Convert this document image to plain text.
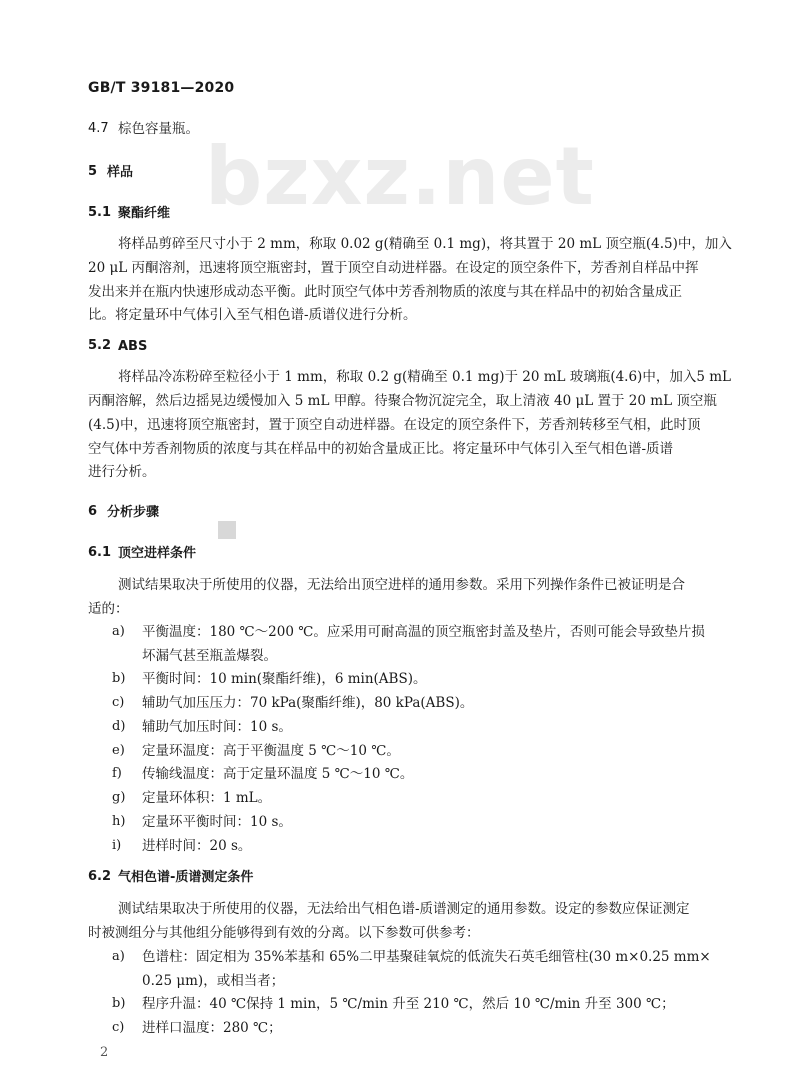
bzxz.net
GB/T 39181—2020
4.7 棕色容量瓶。
5 样品
5.1 聚酯纤维
将样品剪碎至尺寸小于 2 mm，称取 0.02 g(精确至 0.1 mg)，将其置于 20 mL 顶空瓶(4.5)中，加入
20 μL 丙酮溶剂，迅速将顶空瓶密封，置于顶空自动进样器。在设定的顶空条件下，芳香剂自样品中挥
发出来并在瓶内快速形成动态平衡。此时顶空气体中芳香剂物质的浓度与其在样品中的初始含量成正
比。将定量环中气体引入至气相色谱-质谱仪进行分析。
5.2 ABS
将样品冷冻粉碎至粒径小于 1 mm，称取 0.2 g(精确至 0.1 mg)于 20 mL 玻璃瓶(4.6)中，加入5 mL
丙酮溶解，然后边摇晃边缓慢加入 5 mL 甲醇。待聚合物沉淀完全，取上清液 40 μL 置于 20 mL 顶空瓶
(4.5)中，迅速将顶空瓶密封，置于顶空自动进样器。在设定的顶空条件下，芳香剂转移至气相，此时顶
空气体中芳香剂物质的浓度与其在样品中的初始含量成正比。将定量环中气体引入至气相色谱-质谱
进行分析。
6 分析步骤
6.1 顶空进样条件
测试结果取决于所使用的仪器，无法给出顶空进样的通用参数。采用下列操作条件已被证明是合
适的：
a) 平衡温度：180 ℃～200 ℃。应采用可耐高温的顶空瓶密封盖及垫片，否则可能会导致垫片损
坏漏气甚至瓶盖爆裂。
b) 平衡时间：10 min(聚酯纤维)，6 min(ABS)。
c) 辅助气加压压力：70 kPa(聚酯纤维)，80 kPa(ABS)。
d) 辅助气加压时间：10 s。
e) 定量环温度：高于平衡温度 5 ℃～10 ℃。
f) 传输线温度：高于定量环温度 5 ℃～10 ℃。
g) 定量环体积：1 mL。
h) 定量环平衡时间：10 s。
i) 进样时间：20 s。
6.2 气相色谱-质谱测定条件
测试结果取决于所使用的仪器，无法给出气相色谱-质谱测定的通用参数。设定的参数应保证测定
时被测组分与其他组分能够得到有效的分离。以下参数可供参考：
a) 色谱柱：固定相为 35%苯基和 65%二甲基聚硅氧烷的低流失石英毛细管柱(30 m×0.25 mm×
0.25 μm)，或相当者；
b) 程序升温：40 ℃保持 1 min，5 ℃/min 升至 210 ℃，然后 10 ℃/min 升至 300 ℃；
c) 进样口温度：280 ℃；
2
